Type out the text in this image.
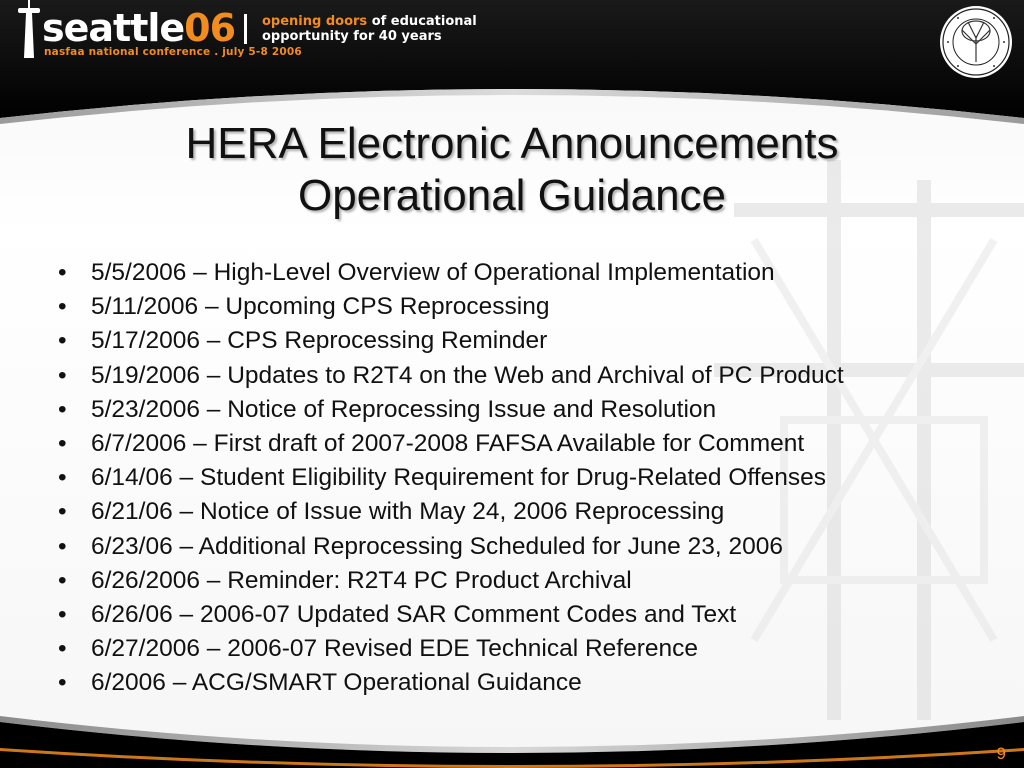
seattle06
nasfaa national conference . july 5-8 2006
opening doors of educational
opportunity for 40 years
HERA Electronic Announcements
Operational Guidance
• 5/5/2006 – High-Level Overview of Operational Implementation
• 5/11/2006 – Upcoming CPS Reprocessing
• 5/17/2006 – CPS Reprocessing Reminder
• 5/19/2006 – Updates to R2T4 on the Web and Archival of PC Product
• 5/23/2006 – Notice of Reprocessing Issue and Resolution
• 6/7/2006 – First draft of 2007-2008 FAFSA Available for Comment
• 6/14/06 – Student Eligibility Requirement for Drug-Related Offenses
• 6/21/06 – Notice of Issue with May 24, 2006 Reprocessing
• 6/23/06 – Additional Reprocessing Scheduled for June 23, 2006
• 6/26/2006 – Reminder: R2T4 PC Product Archival
• 6/26/06 – 2006-07 Updated SAR Comment Codes and Text
• 6/27/2006 – 2006-07 Revised EDE Technical Reference
• 6/2006 – ACG/SMART Operational Guidance
9
